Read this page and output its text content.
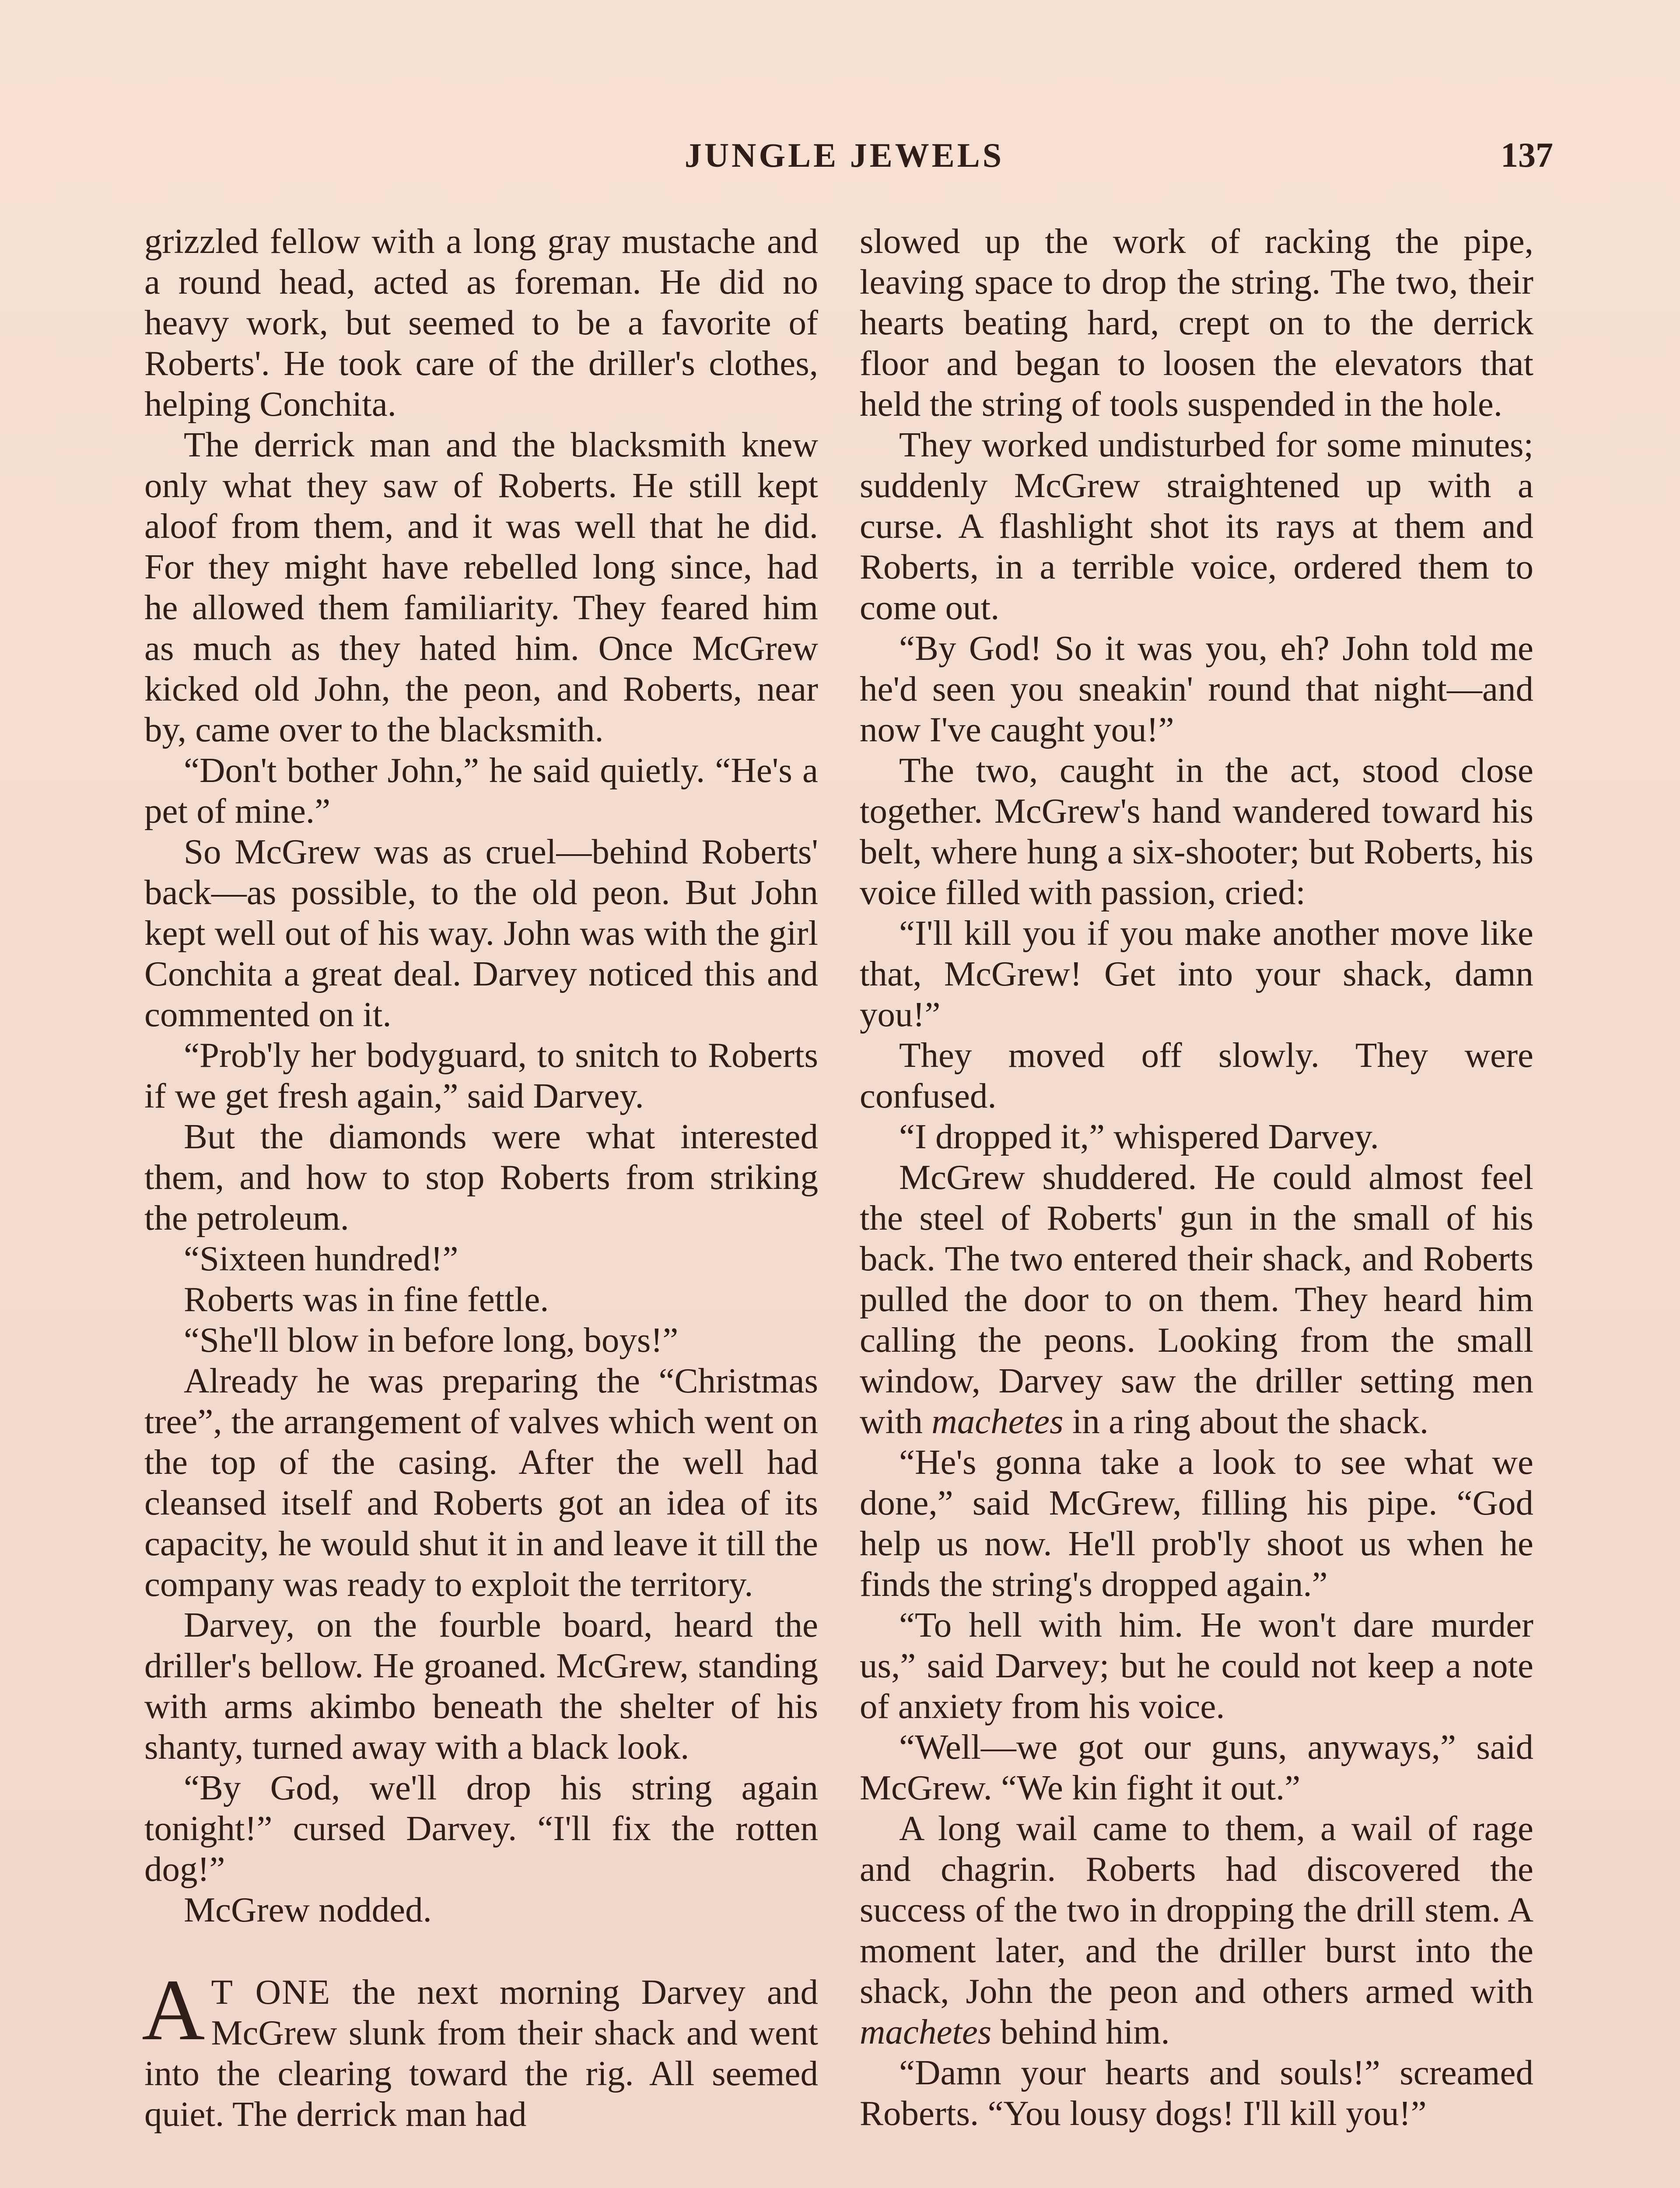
JUNGLE JEWELS	137

grizzled fellow with a long gray mustache and a round head, acted as foreman. He did no heavy work, but seemed to be a favorite of Roberts'. He took care of the driller's clothes, helping Conchita.

The derrick man and the blacksmith knew only what they saw of Roberts. He still kept aloof from them, and it was well that he did. For they might have rebelled long since, had he allowed them familiarity. They feared him as much as they hated him. Once McGrew kicked old John, the peon, and Roberts, near by, came over to the blacksmith.

“Don't bother John,” he said quietly. “He's a pet of mine.”

So McGrew was as cruel—behind Roberts' back—as possible, to the old peon. But John kept well out of his way. John was with the girl Conchita a great deal. Darvey noticed this and commented on it.

“Prob'ly her bodyguard, to snitch to Roberts if we get fresh again,” said Darvey.

But the diamonds were what interested them, and how to stop Roberts from striking the petroleum.

“Sixteen hundred!”

Roberts was in fine fettle.

“She'll blow in before long, boys!”

Already he was preparing the “Christmas tree”, the arrangement of valves which went on the top of the casing. After the well had cleansed itself and Roberts got an idea of its capacity, he would shut it in and leave it till the company was ready to exploit the territory.

Darvey, on the fourble board, heard the driller's bellow. He groaned. McGrew, standing with arms akimbo beneath the shelter of his shanty, turned away with a black look.

“By God, we'll drop his string again tonight!” cursed Darvey. “I'll fix the rotten dog!”

McGrew nodded.

A T ONE the next morning Darvey and McGrew slunk from their shack and went into the clearing toward the rig. All seemed quiet. The derrick man had

slowed up the work of racking the pipe, leaving space to drop the string. The two, their hearts beating hard, crept on to the derrick floor and began to loosen the elevators that held the string of tools suspended in the hole.

They worked undisturbed for some minutes; suddenly McGrew straightened up with a curse. A flashlight shot its rays at them and Roberts, in a terrible voice, ordered them to come out.

“By God! So it was you, eh? John told me he'd seen you sneakin' round that night—and now I've caught you!”

The two, caught in the act, stood close together. McGrew's hand wandered toward his belt, where hung a six-shooter; but Roberts, his voice filled with passion, cried:

“I'll kill you if you make another move like that, McGrew! Get into your shack, damn you!”

They moved off slowly. They were confused.

“I dropped it,” whispered Darvey.

McGrew shuddered. He could almost feel the steel of Roberts' gun in the small of his back. The two entered their shack, and Roberts pulled the door to on them. They heard him calling the peons. Looking from the small window, Darvey saw the driller setting men with machetes in a ring about the shack.

“He's gonna take a look to see what we done,” said McGrew, filling his pipe. “God help us now. He'll prob'ly shoot us when he finds the string's dropped again.”

“To hell with him. He won't dare murder us,” said Darvey; but he could not keep a note of anxiety from his voice.

“Well—we got our guns, anyways,” said McGrew. “We kin fight it out.”

A long wail came to them, a wail of rage and chagrin. Roberts had discovered the success of the two in dropping the drill stem. A moment later, and the driller burst into the shack, John the peon and others armed with machetes behind him.

“Damn your hearts and souls!” screamed Roberts. “You lousy dogs! I'll kill you!”
